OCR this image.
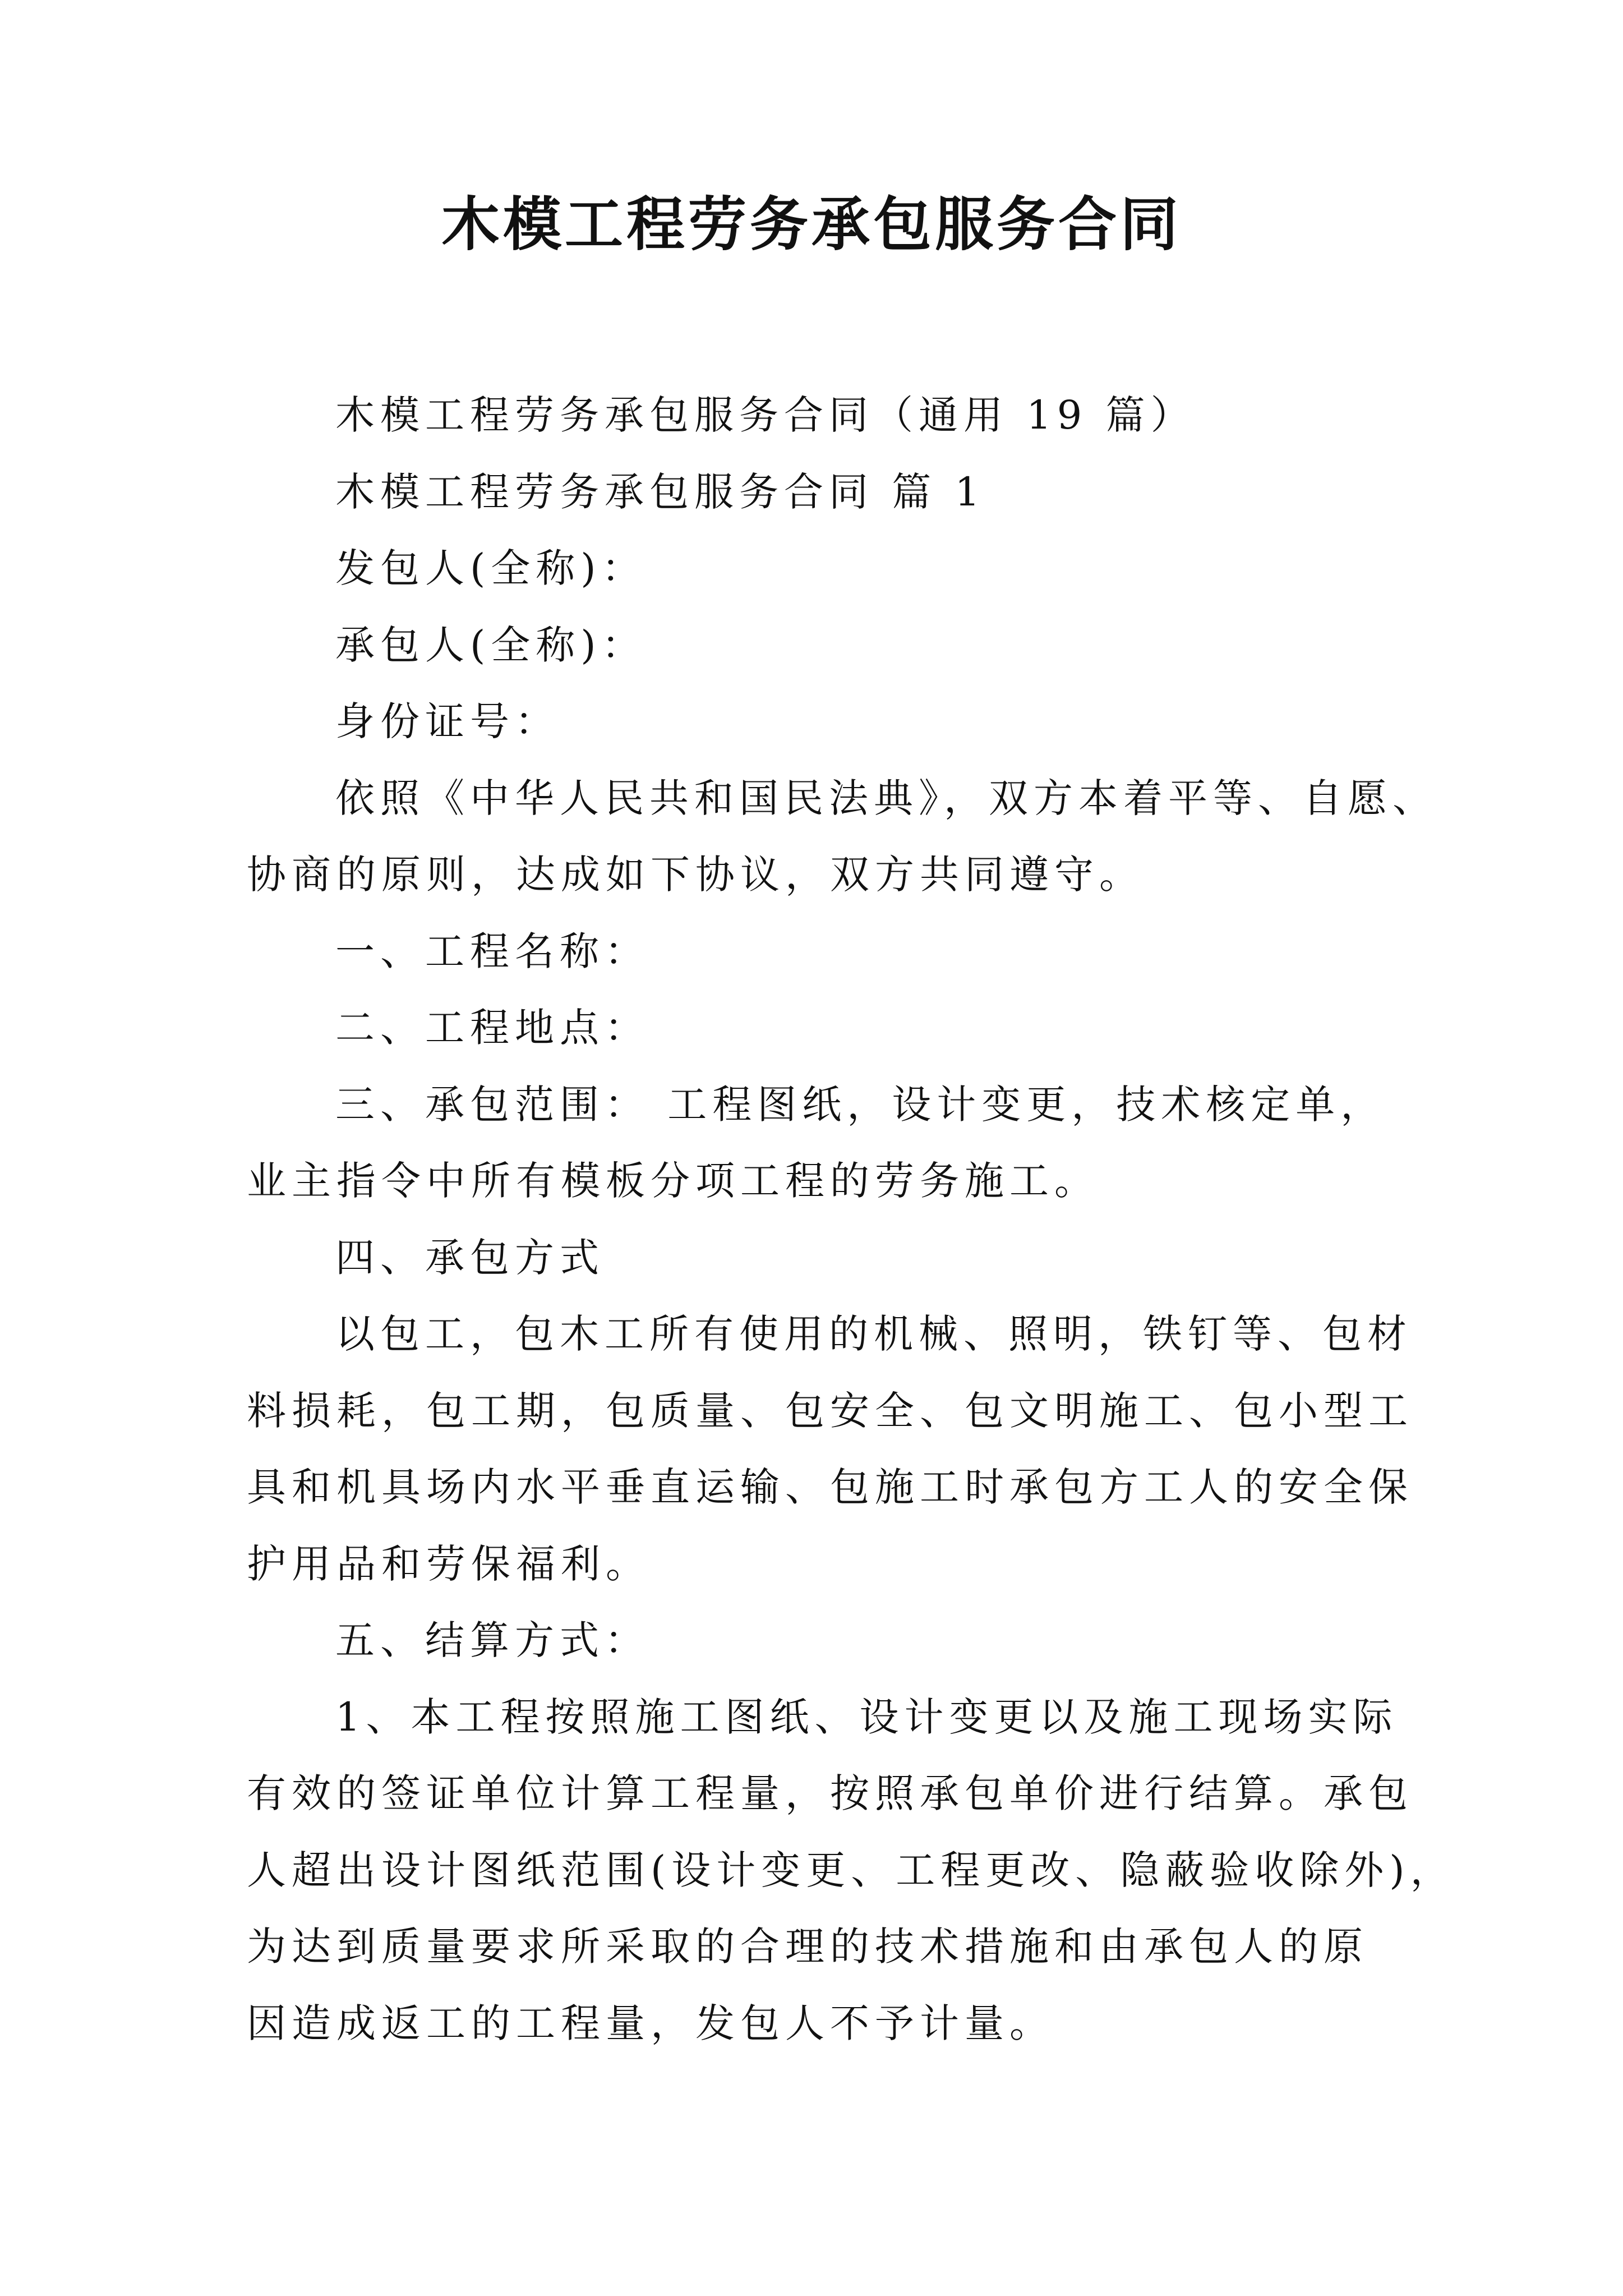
木模工程劳务承包服务合同
木模工程劳务承包服务合同（通用 19 篇）
木模工程劳务承包服务合同 篇 1
发包人(全称)：
承包人(全称)：
身份证号：
依照《中华人民共和国民法典》，双方本着平等、自愿、
协商的原则，达成如下协议，双方共同遵守。
一、工程名称：
二、工程地点：
三、承包范围： 工程图纸，设计变更，技术核定单，
业主指令中所有模板分项工程的劳务施工。
四、承包方式
以包工，包木工所有使用的机械、照明，铁钉等、包材
料损耗，包工期，包质量、包安全、包文明施工、包小型工
具和机具场内水平垂直运输、包施工时承包方工人的安全保
护用品和劳保福利。
五、结算方式：
1、本工程按照施工图纸、设计变更以及施工现场实际
有效的签证单位计算工程量，按照承包单价进行结算。承包
人超出设计图纸范围(设计变更、工程更改、隐蔽验收除外)，
为达到质量要求所采取的合理的技术措施和由承包人的原
因造成返工的工程量，发包人不予计量。
